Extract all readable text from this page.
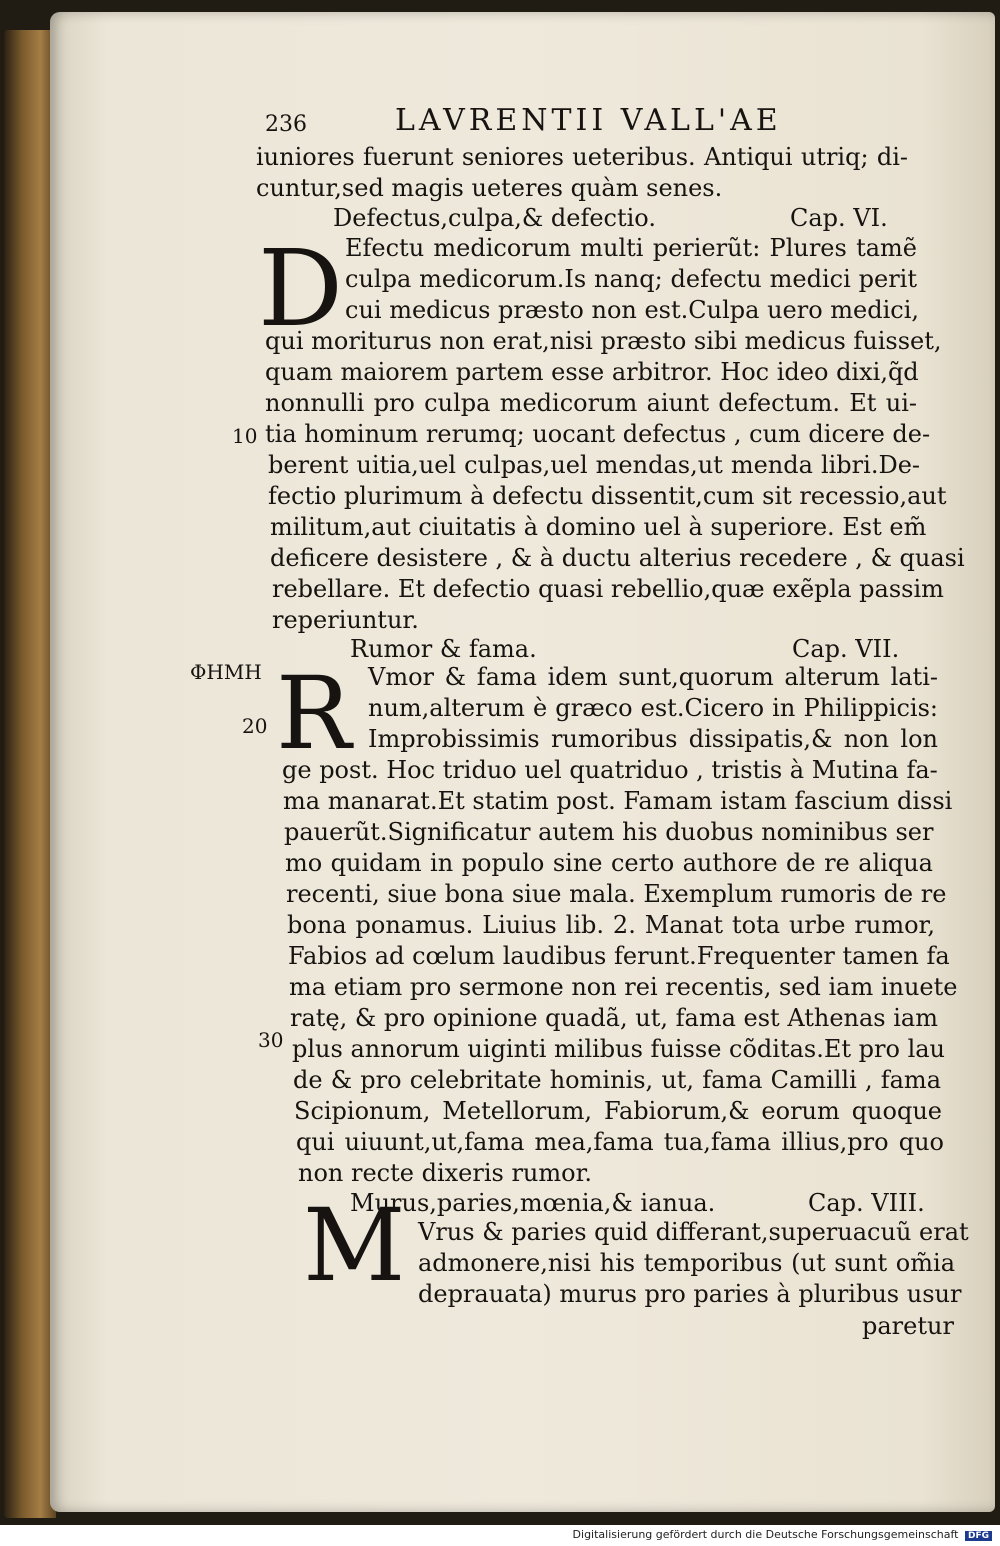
236	LAVRENTII VALL'AE
iuniores fuerunt seniores ueteribus. Antiqui utriq; di-
cuntur,sed magis ueteres quàm senes.
Defectus,culpa,& defectio.	Cap. VI.
D Efectu medicorum multi perierũt: Plures tamẽ
culpa medicorum.Is nanq; defectu medici perit
cui medicus præsto non est.Culpa uero medici,
qui moriturus non erat,nisi præsto sibi medicus fuisset,
quam maiorem partem esse arbitror. Hoc ideo dixi,q̃d
nonnulli pro culpa medicorum aiunt defectum. Et ui-
tia hominum rerumq; uocant defectus , cum dicere de-
berent uitia,uel culpas,uel mendas,ut menda libri.De-
fectio plurimum à defectu dissentit,cum sit recessio,aut
militum,aut ciuitatis à domino uel à superiore. Est em̃
deficere desistere , & à ductu alterius recedere , & quasi
rebellare. Et defectio quasi rebellio,quæ exẽpla passim
reperiuntur.
Rumor & fama.	Cap. VII.
R Vmor & fama idem sunt,quorum alterum lati-
num,alterum è græco est.Cicero in Philippicis:
Improbissimis rumoribus dissipatis,& non lon
ge post. Hoc triduo uel quatriduo , tristis à Mutina fa-
ma manarat.Et statim post. Famam istam fascium dissi
pauerũt.Significatur autem his duobus nominibus ser
mo quidam in populo sine certo authore de re aliqua
recenti, siue bona siue mala. Exemplum rumoris de re
bona ponamus. Liuius lib. 2. Manat tota urbe rumor,
Fabios ad cœlum laudibus ferunt.Frequenter tamen fa
ma etiam pro sermone non rei recentis, sed iam inuete
ratę, & pro opinione quadã, ut, fama est Athenas iam
plus annorum uiginti milibus fuisse cõditas.Et pro lau
de & pro celebritate hominis, ut, fama Camilli , fama
Scipionum, Metellorum, Fabiorum,& eorum quoque
qui uiuunt,ut,fama mea,fama tua,fama illius,pro quo
non recte dixeris rumor.
Murus,paries,mœnia,& ianua.	Cap. VIII.
M Vrus & paries quid differant,superuacuũ erat
admonere,nisi his temporibus (ut sunt om̃ia
deprauata) murus pro paries à pluribus usur
paretur
10
ΦHMH
20
30
Digitalisierung gefördert durch die Deutsche Forschungsgemeinschaft DFG
